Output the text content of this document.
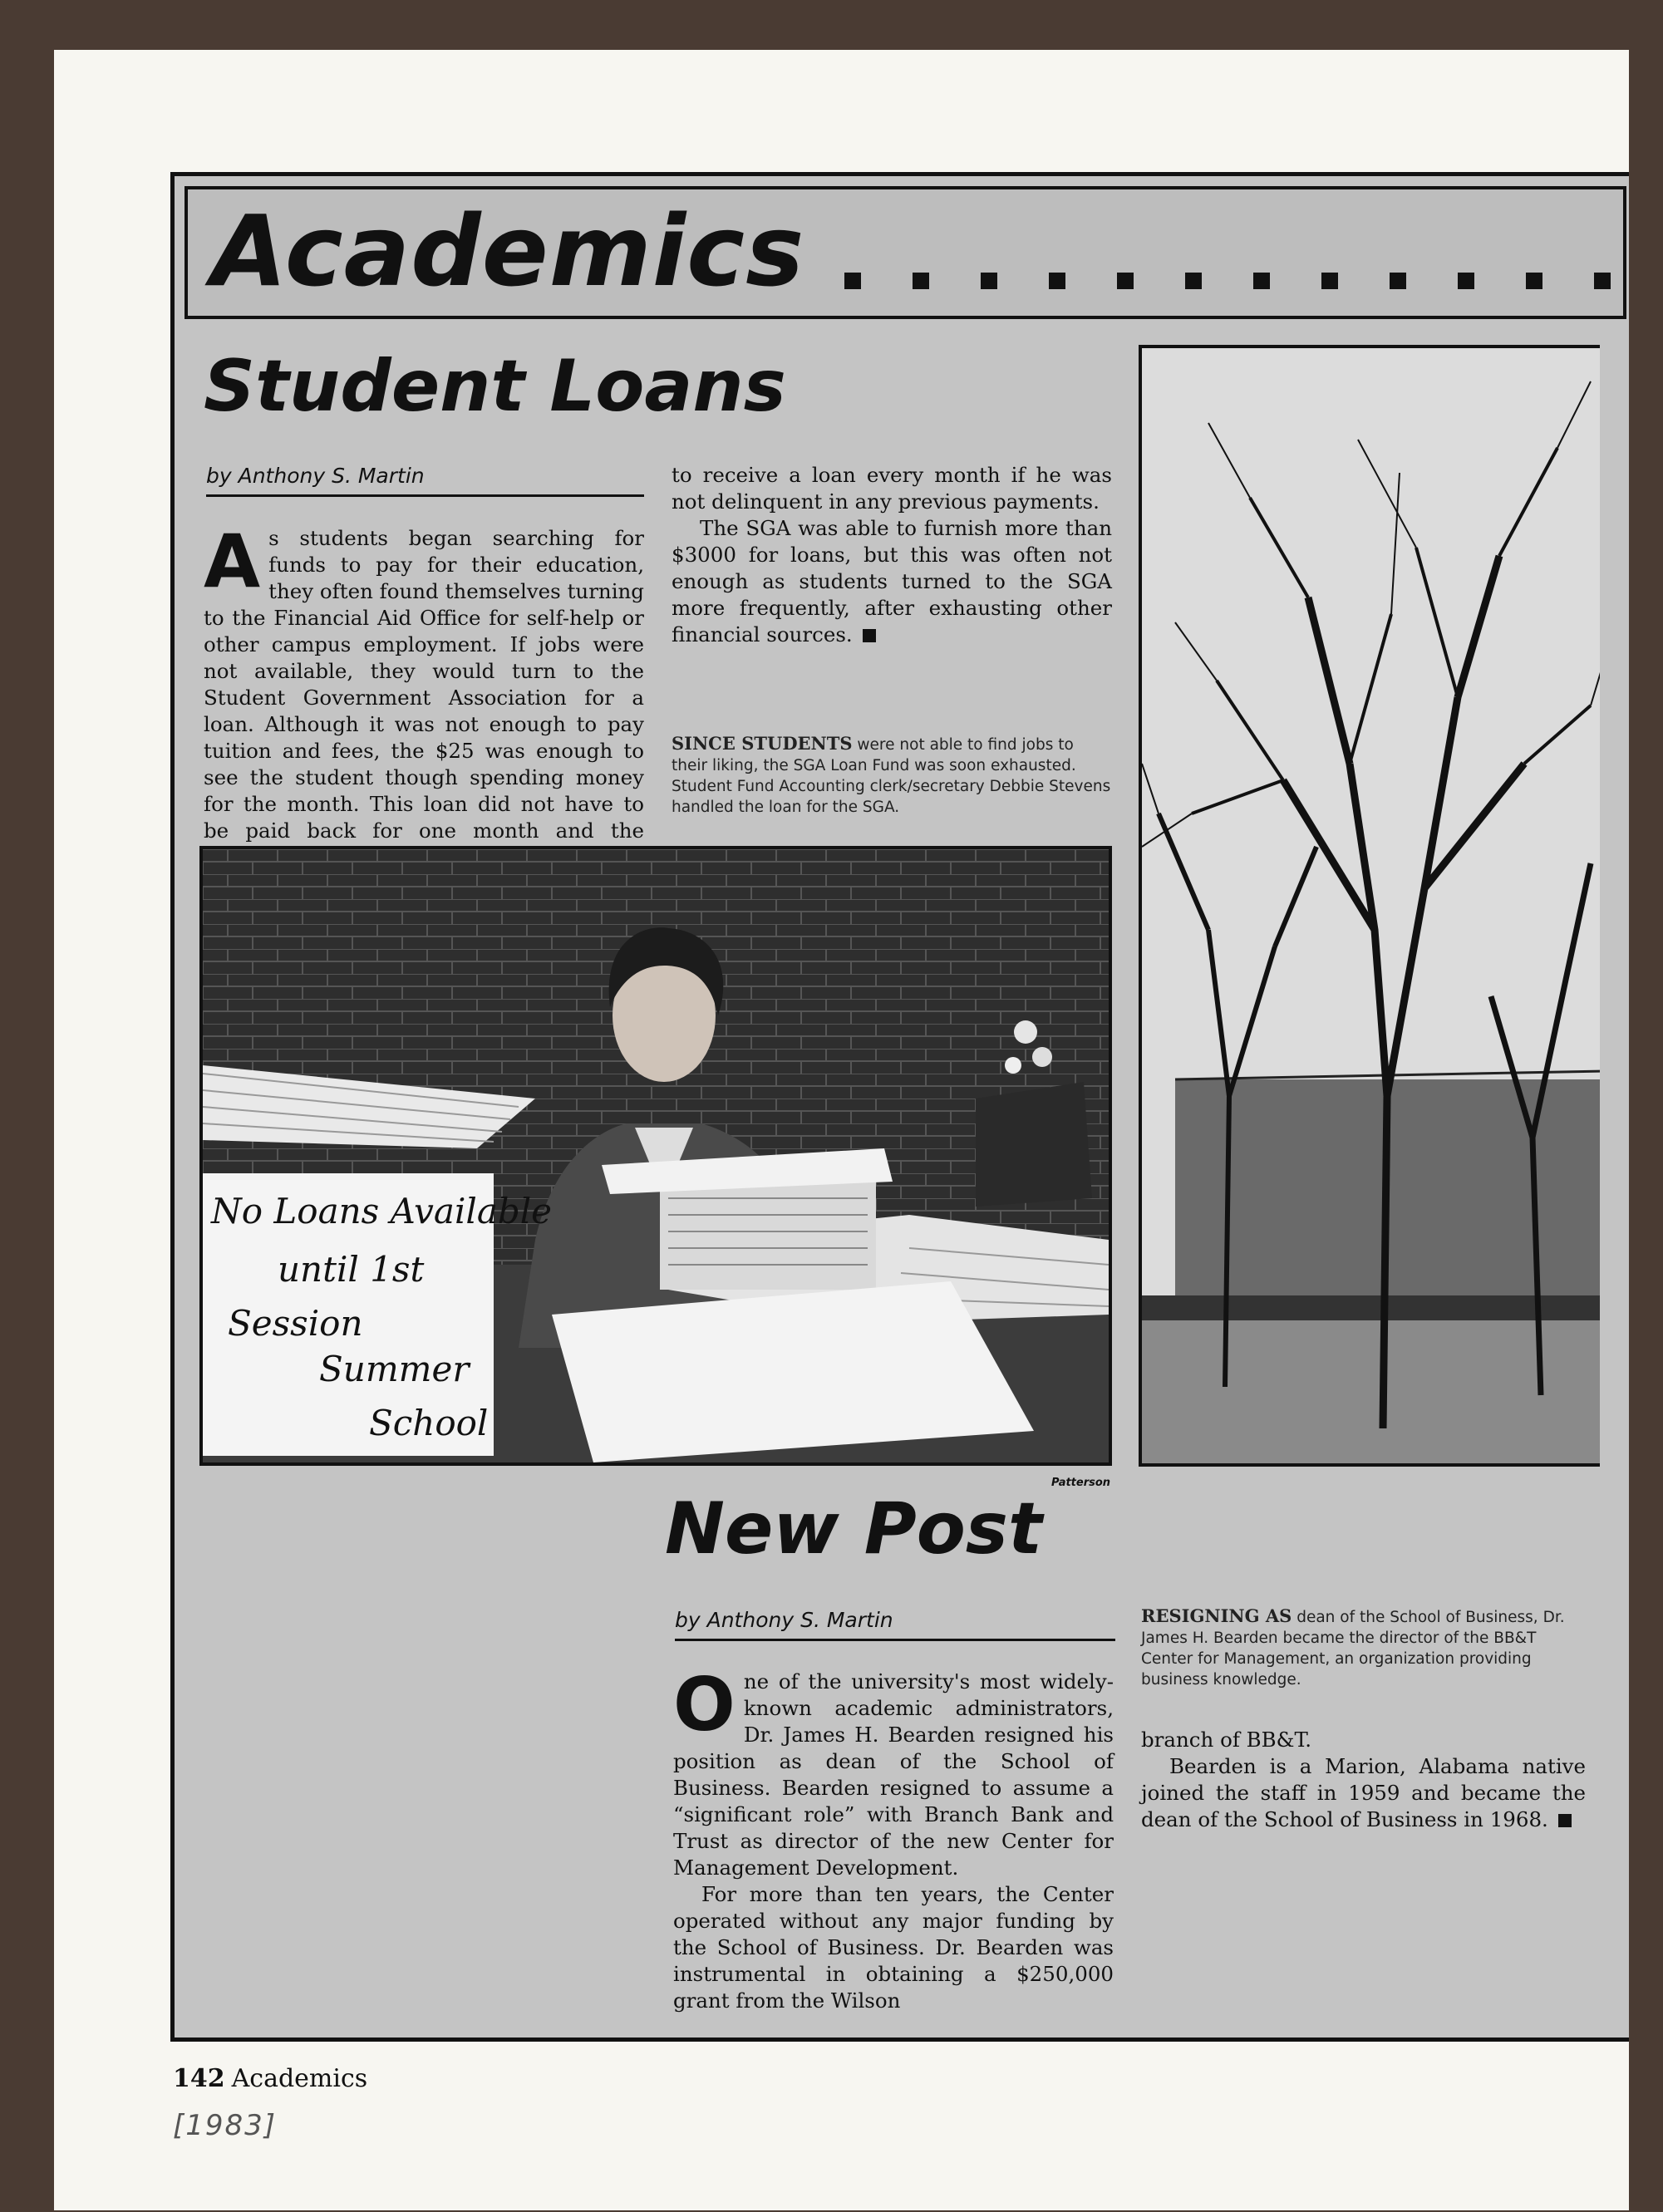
Academics
Student Loans
by Anthony S. Martin
A s students began searching for funds to pay for their education, they often found themselves turning to the Financial Aid Office for self-help or other campus employment. If jobs were not available, they would turn to the Student Government Association for a loan. Although it was not enough to pay tuition and fees, the $25 was enough to see the student though spending money for the month. This loan did not have to be paid back for one month and the

to receive a loan every month if he was not delinquent in any previous payments.

The SGA was able to furnish more than $3000 for loans, but this was often not enough as students turned to the SGA more frequently, after exhausting other financial sources.

SINCE STUDENTS were not able to find jobs to their liking, the SGA Loan Fund was soon exhausted. Student Fund Accounting clerk/secretary Debbie Stevens handled the loan for the SGA.
No Loans Available
until 1st
Session
Summer
School
Patterson
New Post
by Anthony S. Martin
O ne of the university's most widely-known academic administrators, Dr. James H. Bearden resigned his position as dean of the School of Business. Bearden resigned to assume a “significant role” with Branch Bank and Trust as director of the new Center for Management Development.

For more than ten years, the Center operated without any major funding by the School of Business. Dr. Bearden was instrumental in obtaining a $250,000 grant from the Wilson

RESIGNING AS dean of the School of Business, Dr. James H. Bearden became the director of the BB&T Center for Management, an organization providing business knowledge.

branch of BB&T.

Bearden is a Marion, Alabama native joined the staff in 1959 and became the dean of the School of Business in 1968.

142 Academics
[1983]
